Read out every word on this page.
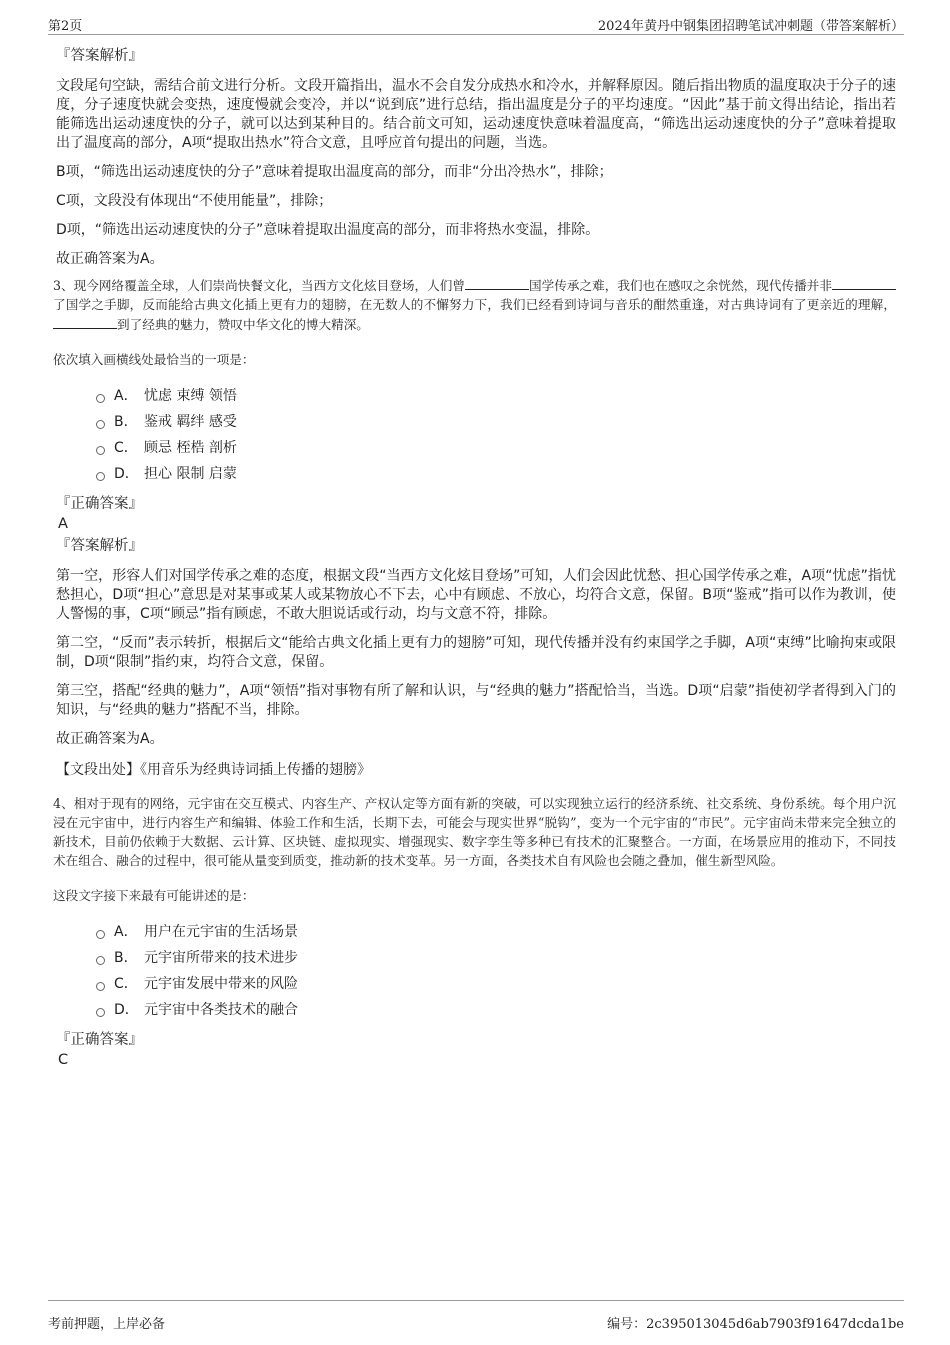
第2页	2024年黄丹中钢集团招聘笔试冲刺题（带答案解析）
『答案解析』

文段尾句空缺，需结合前文进行分析。文段开篇指出，温水不会自发分成热水和冷水，并解释原因。随后指出物质的温度取决于分子的速度，分子速度快就会变热，速度慢就会变冷，并以“说到底”进行总结，指出温度是分子的平均速度。“因此”基于前文得出结论，指出若能筛选出运动速度快的分子，就可以达到某种目的。结合前文可知，运动速度快意味着温度高，“筛选出运动速度快的分子”意味着提取出了温度高的部分，A项“提取出热水”符合文意，且呼应首句提出的问题，当选。

B项，“筛选出运动速度快的分子”意味着提取出温度高的部分，而非“分出冷热水”，排除；

C项，文段没有体现出“不使用能量”，排除；

D项，“筛选出运动速度快的分子”意味着提取出温度高的部分，而非将热水变温，排除。

故正确答案为A。

3、现今网络覆盖全球，人们崇尚快餐文化，当西方文化炫目登场，人们曾	国学传承之难，我们也在感叹之余恍然，现代传播并非了国学之手脚，反而能给古典文化插上更有力的翅膀，在无数人的不懈努力下，我们已经看到诗词与音乐的酣然重逢，对古典诗词有了更亲近的理解，到了经典的魅力，赞叹中华文化的博大精深。

依次填入画横线处最恰当的一项是：

A． 忧虑 束缚 领悟
B． 鉴戒 羁绊 感受
C． 顾忌 桎梏 剖析
D． 担心 限制 启蒙
『正确答案』
A
『答案解析』

第一空，形容人们对国学传承之难的态度，根据文段“当西方文化炫目登场”可知，人们会因此忧愁、担心国学传承之难，A项“忧虑”指忧愁担心，D项“担心”意思是对某事或某人或某物放心不下去，心中有顾虑、不放心，均符合文意，保留。B项“鉴戒”指可以作为教训，使人警惕的事，C项“顾忌”指有顾虑，不敢大胆说话或行动，均与文意不符，排除。

第二空，“反而”表示转折，根据后文“能给古典文化插上更有力的翅膀”可知，现代传播并没有约束国学之手脚，A项“束缚”比喻拘束或限制，D项“限制”指约束，均符合文意，保留。

第三空，搭配“经典的魅力”，A项“领悟”指对事物有所了解和认识，与“经典的魅力”搭配恰当，当选。D项“启蒙”指使初学者得到入门的知识，与“经典的魅力”搭配不当，排除。

故正确答案为A。

【文段出处】《用音乐为经典诗词插上传播的翅膀》

4、相对于现有的网络，元宇宙在交互模式、内容生产、产权认定等方面有新的突破，可以实现独立运行的经济系统、社交系统、身份系统。每个用户沉浸在元宇宙中，进行内容生产和编辑、体验工作和生活，长期下去，可能会与现实世界“脱钩”，变为一个元宇宙的“市民”。元宇宙尚未带来完全独立的新技术，目前仍依赖于大数据、云计算、区块链、虚拟现实、增强现实、数字孪生等多种已有技术的汇聚整合。一方面，在场景应用的推动下，不同技术在组合、融合的过程中，很可能从量变到质变，推动新的技术变革。另一方面，各类技术自有风险也会随之叠加，催生新型风险。

这段文字接下来最有可能讲述的是：

A． 用户在元宇宙的生活场景
B． 元宇宙所带来的技术进步
C． 元宇宙发展中带来的风险
D． 元宇宙中各类技术的融合
『正确答案』
C
考前押题，上岸必备	编号：2c395013045d6ab7903f91647dcda1be
